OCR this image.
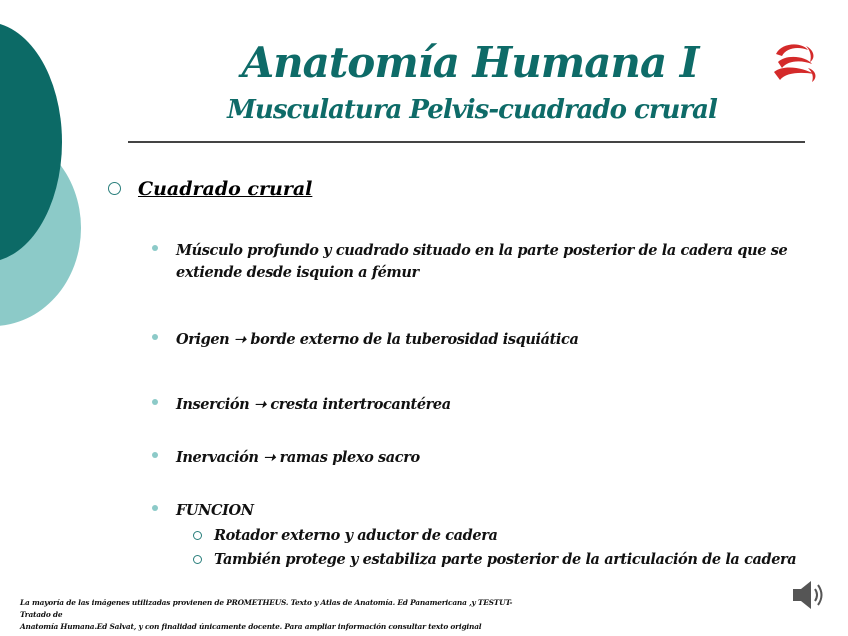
Anatomía Humana I
Musculatura Pelvis-cuadrado crural
Cuadrado crural
Músculo profundo y cuadrado situado en la parte posterior de la cadera que se extiende desde isquion a fémur
Origen ➝ borde externo de la tuberosidad isquiática
Inserción ➝ cresta intertrocantérea
Inervación ➝ ramas plexo sacro
FUNCION
Rotador externo y aductor de cadera
También protege y estabiliza parte posterior de la articulación de la cadera
La mayoría de las imágenes utilizadas provienen de PROMETHEUS. Texto y Atlas de Anatomía. Ed Panamericana ,y TESTUT-Tratado de
Anatomía Humana.Ed Salvat, y con finalidad únicamente docente. Para ampliar información consultar texto original
